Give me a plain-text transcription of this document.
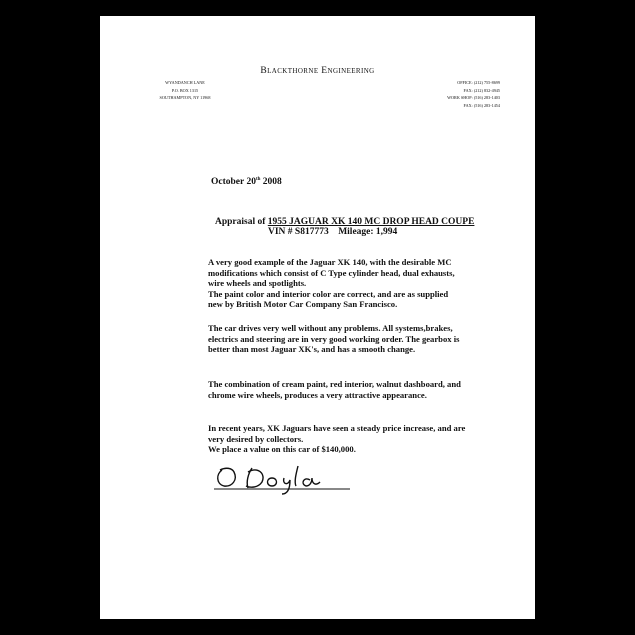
Blackthorne Engineering
WYANDANCH LANE
P.O. BOX 1315
SOUTHAMPTON, NY 11968
OFFICE: (212) 755-8699
FAX: (212) 832-4945
WORK SHOP: (516) 283-1403
FAX: (516) 283-1454
October 20th 2008
Appraisal of 1955 JAGUAR XK 140 MC DROP HEAD COUPE
VIN # S817773 Mileage: 1,994
A very good example of the Jaguar XK 140, with the desirable MC
modifications which consist of C Type cylinder head, dual exhausts,
wire wheels and spotlights.
The paint color and interior color are correct, and are as supplied
new by British Motor Car Company San Francisco.
The car drives very well without any problems. All systems,brakes,
electrics and steering are in very good working order. The gearbox is
better than most Jaguar XK's, and has a smooth change.
The combination of cream paint, red interior, walnut dashboard, and
chrome wire wheels, produces a very attractive appearance.
In recent years, XK Jaguars have seen a steady price increase, and are
very desired by collectors.
We place a value on this car of $140,000.
